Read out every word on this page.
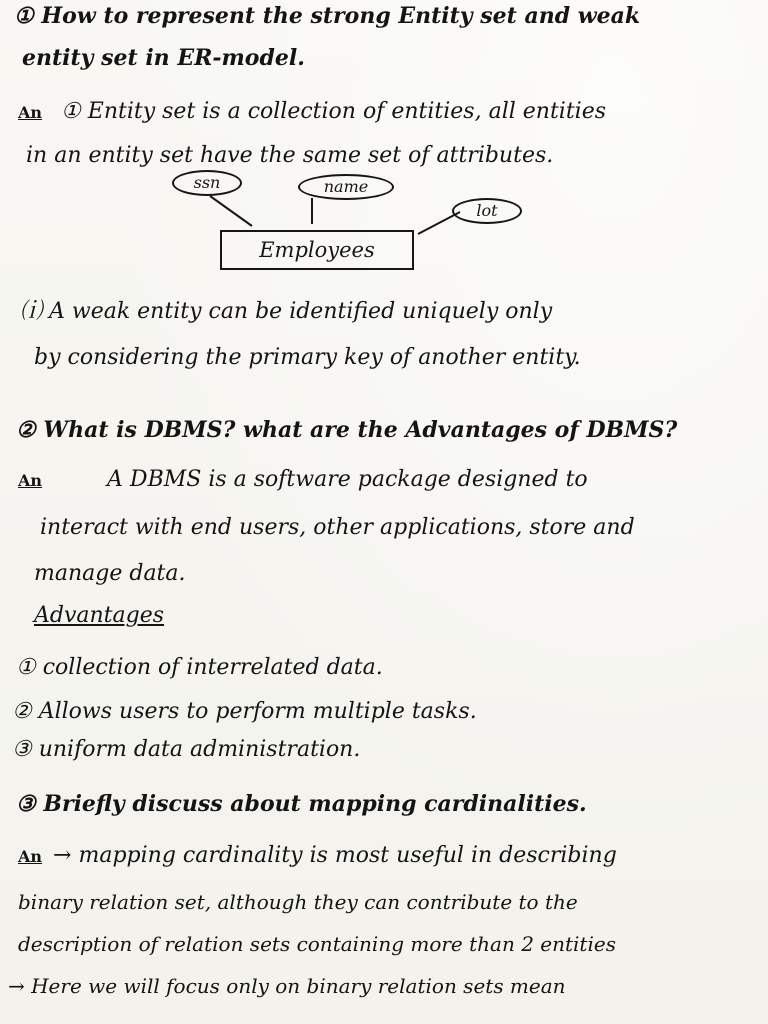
① How to represent the strong Entity set and weak
entity set in ER-model.
An ① Entity set is a collection of entities, all entities
in an entity set have the same set of attributes.
ssn	name
lot
Employees
⒤ A weak entity can be identified uniquely only
by considering the primary key of another entity.
② What is DBMS? what are the Advantages of DBMS?
An	A DBMS is a software package designed to
interact with end users, other applications, store and
manage data.
Advantages
① collection of interrelated data.
② Allows users to perform multiple tasks.
③ uniform data administration.
③ Briefly discuss about mapping cardinalities.
An → mapping cardinality is most useful in describing
binary relation set, although they can contribute to the
description of relation sets containing more than 2 entities
→ Here we will focus only on binary relation sets mean
